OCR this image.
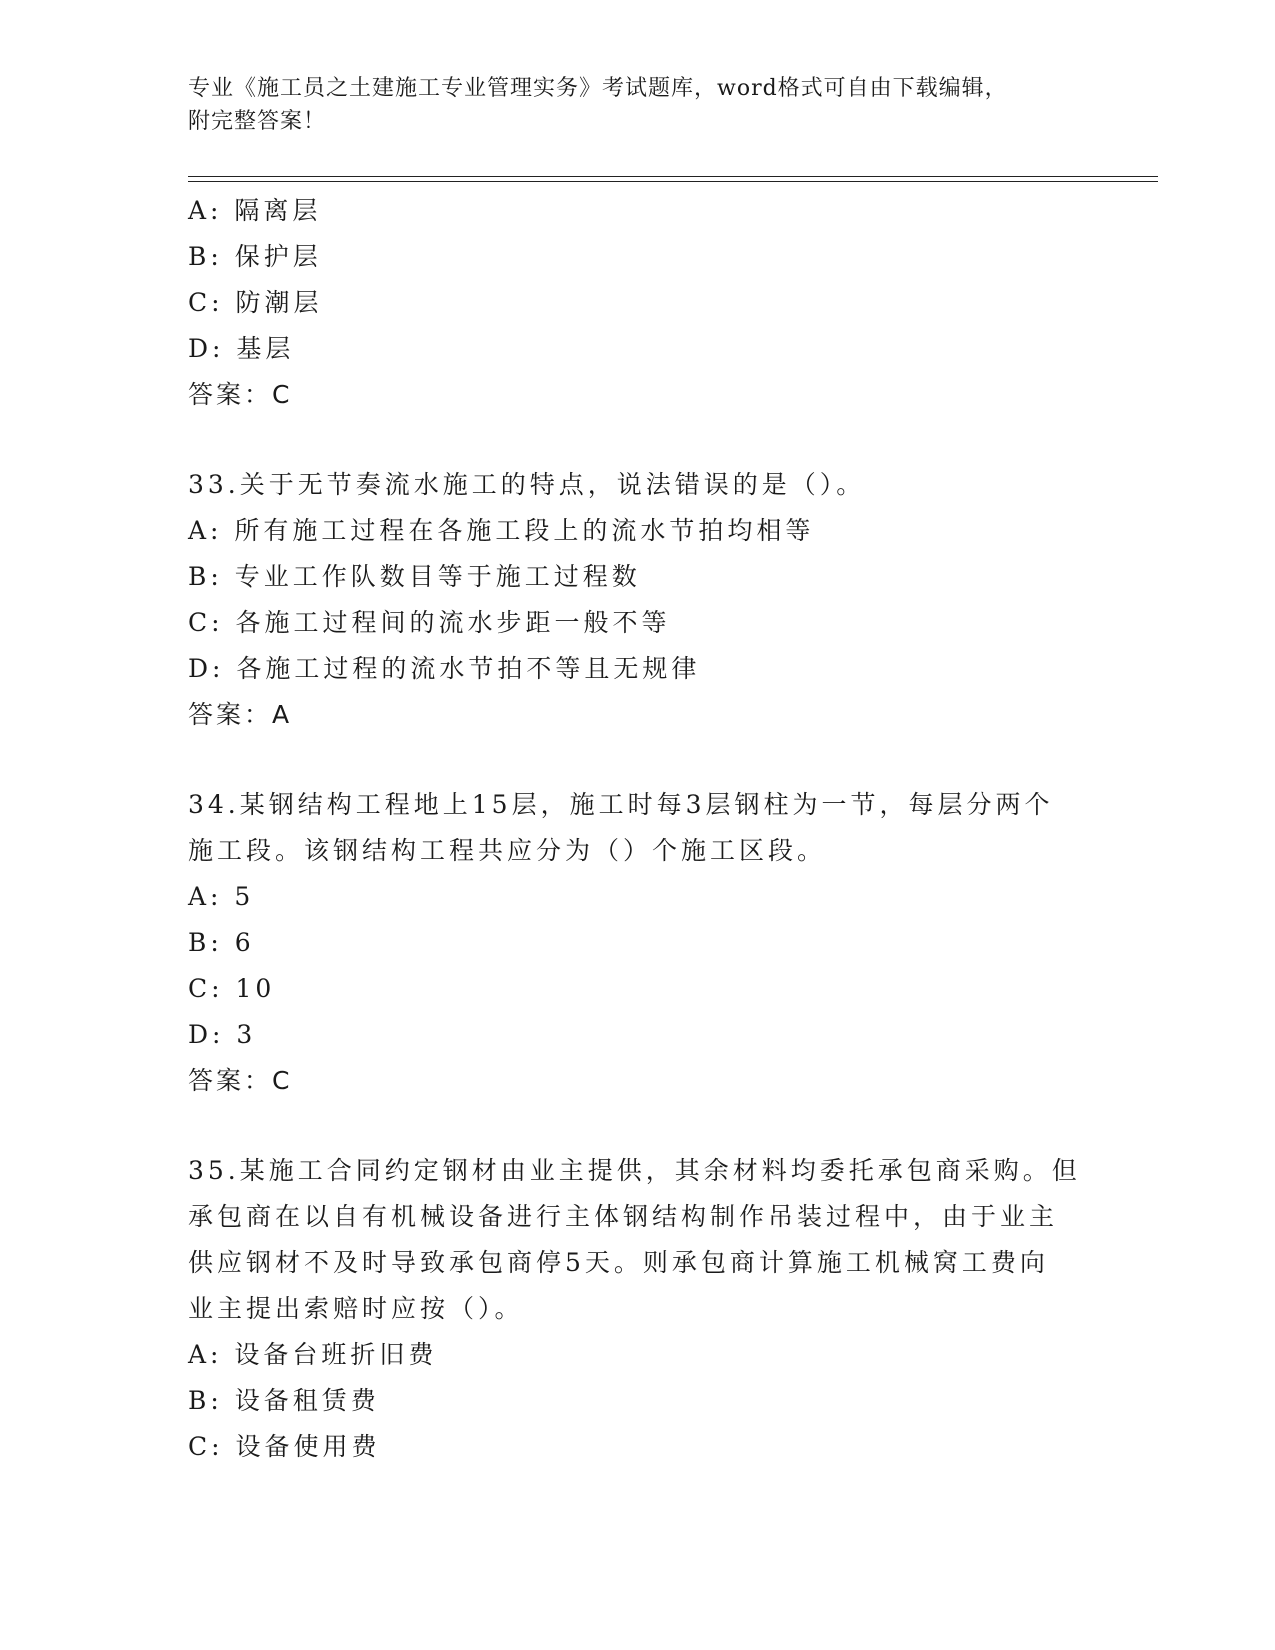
专业《施工员之土建施工专业管理实务》考试题库，word格式可自由下载编辑，
附完整答案！
A: 隔离层
B: 保护层
C: 防潮层
D: 基层
答案：C
33.关于无节奏流水施工的特点，说法错误的是（）。
A: 所有施工过程在各施工段上的流水节拍均相等
B: 专业工作队数目等于施工过程数
C: 各施工过程间的流水步距一般不等
D: 各施工过程的流水节拍不等且无规律
答案：A
34.某钢结构工程地上15层，施工时每3层钢柱为一节，每层分两个
施工段。该钢结构工程共应分为（）个施工区段。
A: 5
B: 6
C: 10
D: 3
答案：C
35.某施工合同约定钢材由业主提供，其余材料均委托承包商采购。但
承包商在以自有机械设备进行主体钢结构制作吊装过程中，由于业主
供应钢材不及时导致承包商停5天。则承包商计算施工机械窝工费向
业主提出索赔时应按（）。
A: 设备台班折旧费
B: 设备租赁费
C: 设备使用费
